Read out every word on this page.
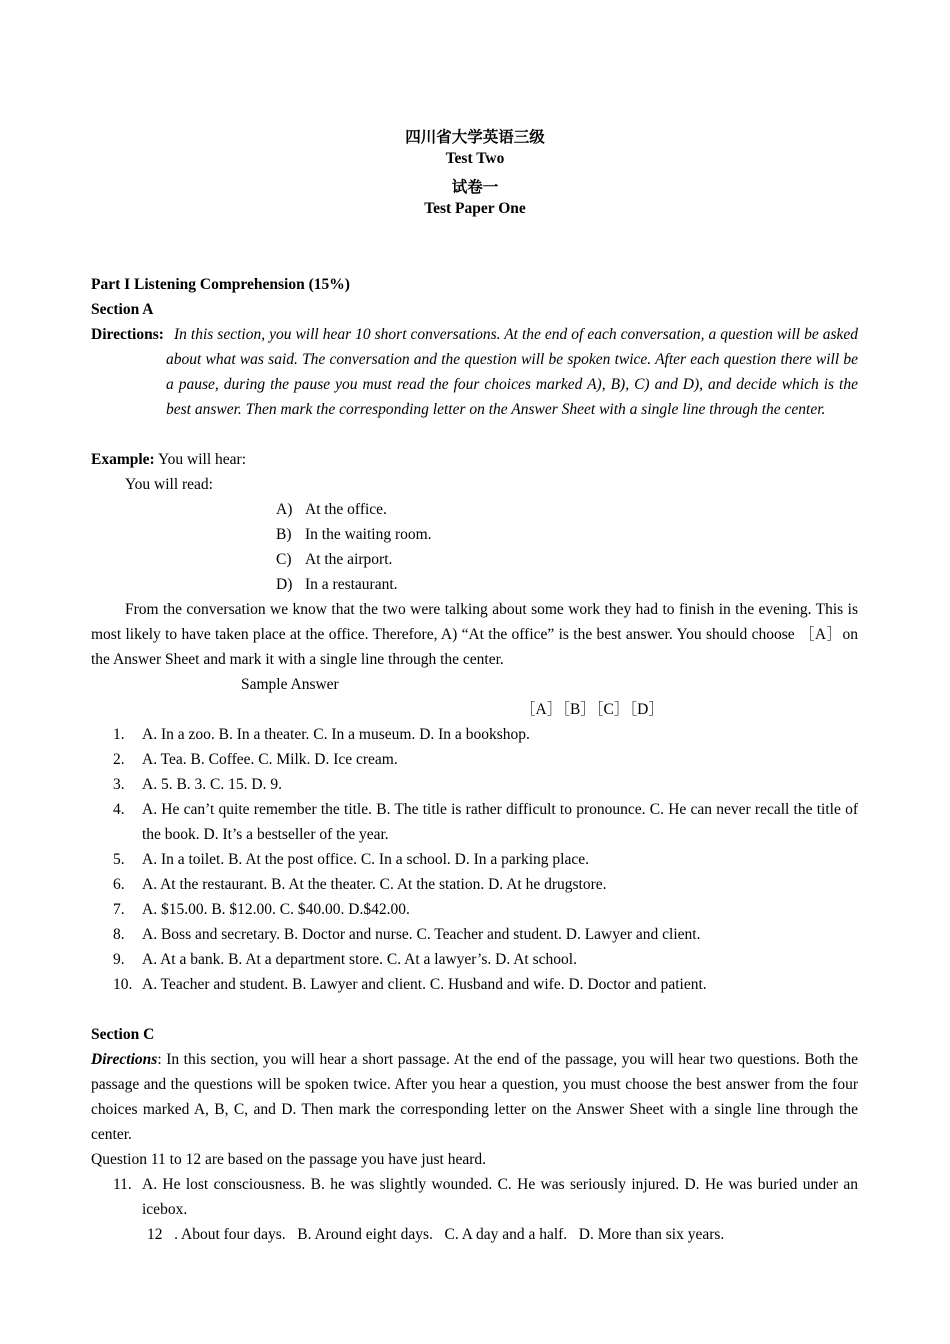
四川省大学英语三级
Test Two
试卷一
Test Paper One
Part I Listening Comprehension (15%)
Section A
Directions: In this section, you will hear 10 short conversations. At the end of each conversation, a question will be asked about what was said. The conversation and the question will be spoken twice. After each question there will be a pause, during the pause you must read the four choices marked A), B), C) and D), and decide which is the best answer. Then mark the corresponding letter on the Answer Sheet with a single line through the center.
Example: You will hear:
You will read:
A) At the office.
B) In the waiting room.
C) At the airport.
D) In a restaurant.
From the conversation we know that the two were talking about some work they had to finish in the evening. This is most likely to have taken place at the office. Therefore, A) “At the office” is the best answer. You should choose ［A］on the Answer Sheet and mark it with a single line through the center.
Sample Answer
［A］［B］［C］［D］
1.	A. In a zoo. B. In a theater. C. In a museum. D. In a bookshop.
2.	A. Tea. B. Coffee. C. Milk. D. Ice cream.
3.	A. 5. B. 3. C. 15. D. 9.
4.	A. He can’t quite remember the title. B. The title is rather difficult to pronounce. C. He can never recall the title of the book. D. It’s a bestseller of the year.
5.	A. In a toilet. B. At the post office. C. In a school. D. In a parking place.
6.	A. At the restaurant. B. At the theater. C. At the station. D. At he drugstore.
7.	A. $15.00. B. $12.00. C. $40.00. D.$42.00.
8.	A. Boss and secretary. B. Doctor and nurse. C. Teacher and student. D. Lawyer and client.
9.	A. At a bank. B. At a department store. C. At a lawyer’s. D. At school.
10. A. Teacher and student. B. Lawyer and client. C. Husband and wife. D. Doctor and patient.
Section C
Directions: In this section, you will hear a short passage. At the end of the passage, you will hear two questions. Both the passage and the questions will be spoken twice. After you hear a question, you must choose the best answer from the four choices marked A, B, C, and D. Then mark the corresponding letter on the Answer Sheet with a single line through the center.
Question 11 to 12 are based on the passage you have just heard.
11. A. He lost consciousness. B. he was slightly wounded. C. He was seriously injured. D. He was buried under an icebox.
12   . About four days.   B. Around eight days.   C. A day and a half.   D. More than six years.
